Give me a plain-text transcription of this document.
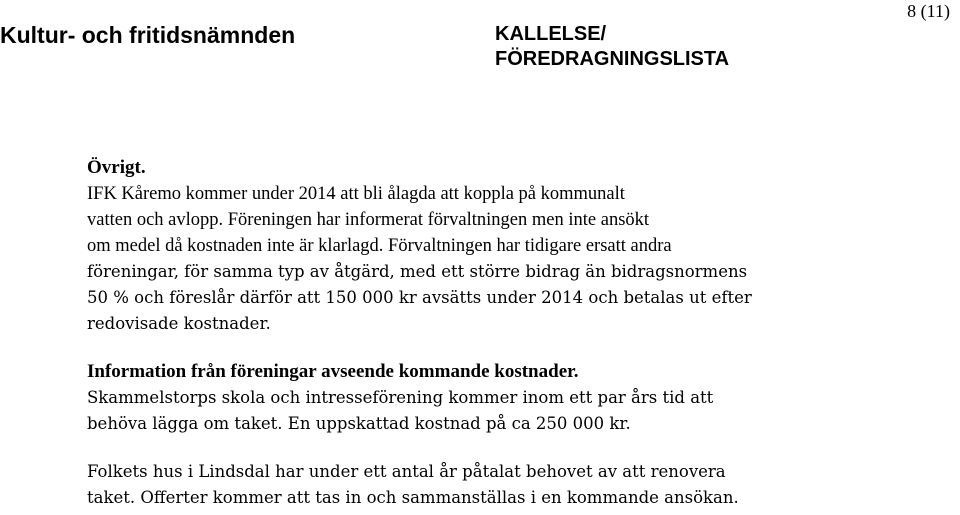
Kultur- och fritidsnämnden	KALLELSE/
FÖREDRAGNINGSLISTA
8 (11)
Övrigt.
IFK Kåremo kommer under 2014 att bli ålagda att koppla på kommunalt
vatten och avlopp. Föreningen har informerat förvaltningen men inte ansökt
om medel då kostnaden inte är klarlagd. Förvaltningen har tidigare ersatt andra
föreningar, för samma typ av åtgärd, med ett större bidrag än bidragsnormens
50 % och föreslår därför att 150 000 kr avsätts under 2014 och betalas ut efter
redovisade kostnader.
Information från föreningar avseende kommande kostnader.
Skammelstorps skola och intresseförening kommer inom ett par års tid att
behöva lägga om taket. En uppskattad kostnad på ca 250 000 kr.
Folkets hus i Lindsdal har under ett antal år påtalat behovet av att renovera
taket. Offerter kommer att tas in och sammanställas i en kommande ansökan.
